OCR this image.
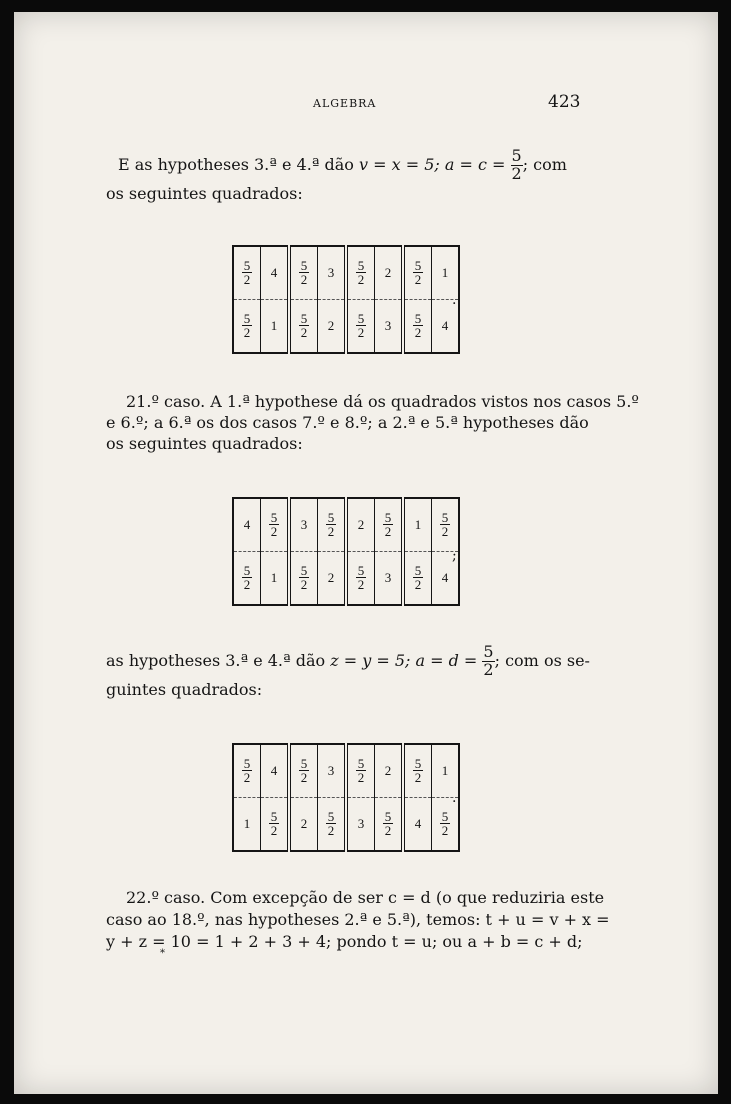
ALGEBRA	423
E as hypotheses 3.ª e 4.ª dão v = x = 5; $a = c = \frac{5}{2}$ ; com
os seguintes quadrados:
$\frac{5}{2}$	4	$\frac{5}{2}$	3	$\frac{5}{2}$	2	$\frac{5}{2}$	1

$\frac{5}{2}$	1	$\frac{5}{2}$	2	$\frac{5}{2}$	3	$\frac{5}{2}$	4
.
21.º caso. A 1.ª hypothese dá os quadrados vistos nos casos 5.º
e 6.º; a 6.ª os dos casos 7.º e 8.º; a 2.ª e 5.ª hypotheses dão
os seguintes quadrados:
4	$\frac{5}{2}$	3	$\frac{5}{2}$	2	$\frac{5}{2}$	1	$\frac{5}{2}$

$\frac{5}{2}$	1	$\frac{5}{2}$	2	$\frac{5}{2}$	3	$\frac{5}{2}$	4
;
as hypotheses 3.ª e 4.ª dão z = y = 5; $a = d = \frac{5}{2}$ ; com os se-
guintes quadrados:
$\frac{5}{2}$	4	$\frac{5}{2}$	3	$\frac{5}{2}$	2	$\frac{5}{2}$	1
1	$\frac{5}{2}$	2	$\frac{5}{2}$	3	$\frac{5}{2}$	4	$\frac{5}{2}$
.
22.º caso. Com excepção de ser c = d (o que reduziria este
caso ao 18.º, nas hypotheses 2.ª e 5.ª), temos: t + u = v + x =
y + z = 10 = 1 + 2 + 3 + 4; pondo t = u; ou a + b = c + d;
*
